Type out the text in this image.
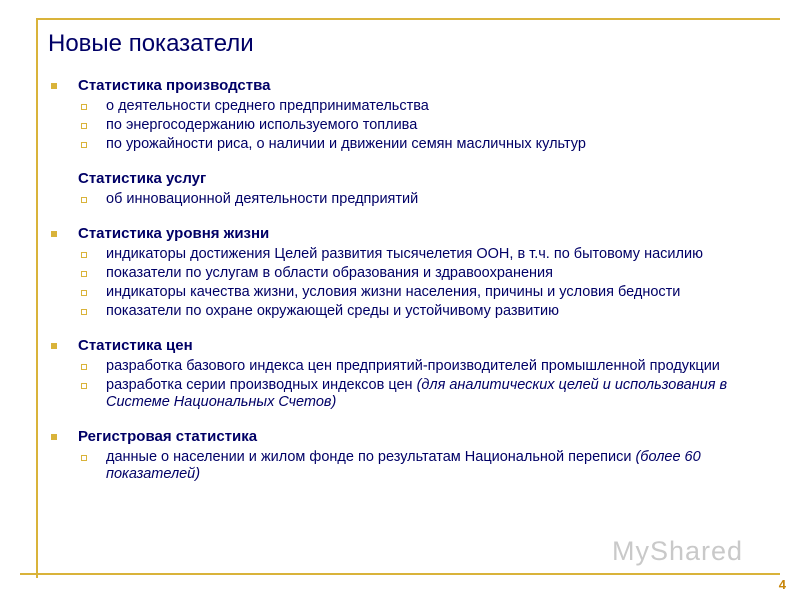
Новые показатели
Статистика производства
о деятельности среднего предпринимательства
по энергосодержанию используемого топлива
по урожайности риса, о наличии и движении семян масличных культур
Статистика услуг
об инновационной деятельности предприятий
Статистика уровня жизни
индикаторы достижения Целей развития тысячелетия ООН, в т.ч. по бытовому насилию
показатели по услугам в области образования и здравоохранения
индикаторы качества жизни, условия жизни населения, причины и условия бедности
показатели по охране окружающей среды и устойчивому развитию
Статистика цен
разработка базового индекса цен предприятий-производителей промышленной продукции
разработка серии производных индексов цен (для аналитических целей и использования в Системе Национальных Счетов)
Регистровая статистика
данные о населении и жилом фонде по результатам Национальной переписи (более 60 показателей)
MyShared
4
